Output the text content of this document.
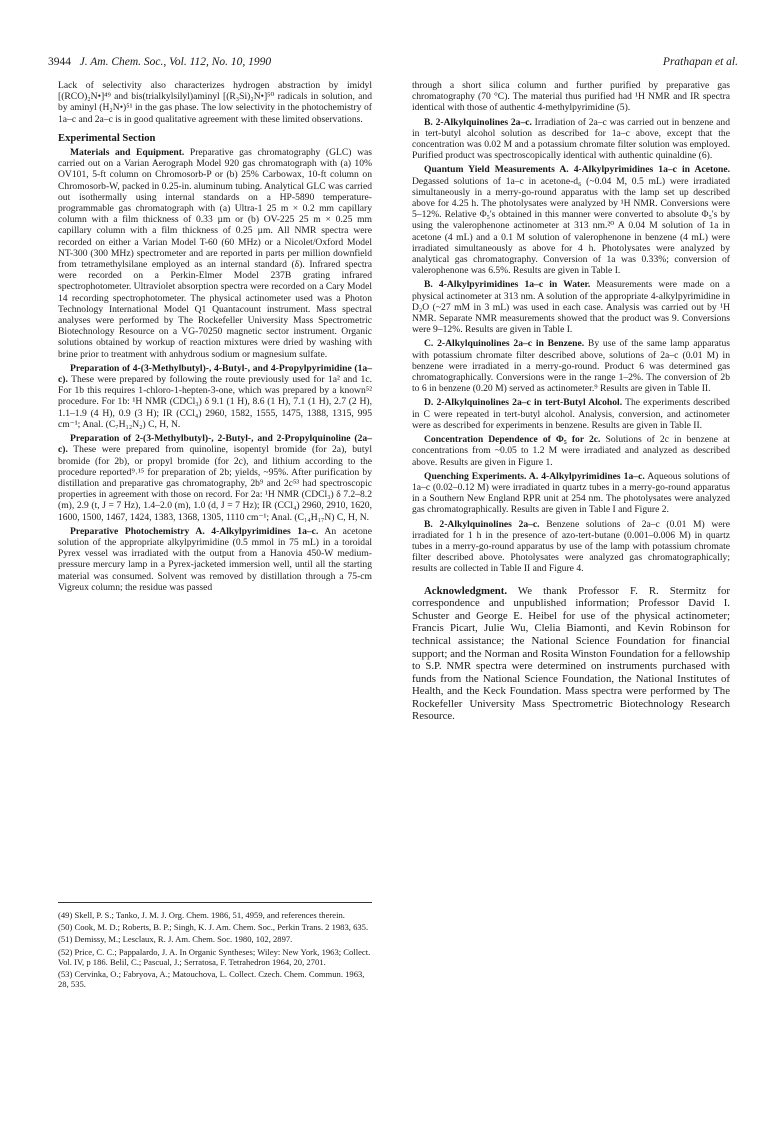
3944 J. Am. Chem. Soc., Vol. 112, No. 10, 1990	Prathapan et al.

Lack of selectivity also characterizes hydrogen abstraction by imidyl [(RCO)₂N•]⁴⁹ and bis(trialkylsilyl)aminyl [(R₃Si)₂N•]⁵⁰ radicals in solution, and by aminyl (H₂N•)⁵¹ in the gas phase. The low selectivity in the photochemistry of 1a–c and 2a–c is in good qualitative agreement with these limited observations.

Experimental Section

Materials and Equipment. Preparative gas chromatography (GLC) was carried out on a Varian Aerograph Model 920 gas chromatograph with (a) 10% OV101, 5-ft column on Chromosorb-P or (b) 25% Carbowax, 10-ft column on Chromosorb-W, packed in 0.25-in. aluminum tubing. Analytical GLC was carried out isothermally using internal standards on a HP-5890 temperature-programmable gas chromatograph with (a) Ultra-1 25 m × 0.2 mm capillary column with a film thickness of 0.33 µm or (b) OV-225 25 m × 0.25 mm capillary column with a film thickness of 0.25 µm. All NMR spectra were recorded on either a Varian Model T-60 (60 MHz) or a Nicolet/Oxford Model NT-300 (300 MHz) spectrometer and are reported in parts per million downfield from tetramethylsilane employed as an internal standard (δ). Infrared spectra were recorded on a Perkin-Elmer Model 237B grating infrared spectrophotometer. Ultraviolet absorption spectra were recorded on a Cary Model 14 recording spectrophotometer. The physical actinometer used was a Photon Technology International Model Q1 Quantacount instrument. Mass spectral analyses were performed by The Rockefeller University Mass Spectrometric Biotechnology Resource on a VG-70250 magnetic sector instrument. Organic solutions obtained by workup of reaction mixtures were dried by washing with brine prior to treatment with anhydrous sodium or magnesium sulfate.

Preparation of 4-(3-Methylbutyl)-, 4-Butyl-, and 4-Propylpyrimidine (1a–c). These were prepared by following the route previously used for 1a² and 1c. For 1b this requires 1-chloro-1-hepten-3-one, which was prepared by a known⁵² procedure. For 1b: ¹H NMR (CDCl₃) δ 9.1 (1 H), 8.6 (1 H), 7.1 (1 H), 2.7 (2 H), 1.1–1.9 (4 H), 0.9 (3 H); IR (CCl₄) 2960, 1582, 1555, 1475, 1388, 1315, 995 cm⁻¹; Anal. (C₇H₁₂N₂) C, H, N.

Preparation of 2-(3-Methylbutyl)-, 2-Butyl-, and 2-Propylquinoline (2a–c). These were prepared from quinoline, isopentyl bromide (for 2a), butyl bromide (for 2b), or propyl bromide (for 2c), and lithium according to the procedure reported⁹˒¹⁵ for preparation of 2b; yields, ~95%. After purification by distillation and preparative gas chromatography, 2b⁹ and 2c⁵³ had spectroscopic properties in agreement with those on record. For 2a: ¹H NMR (CDCl₃) δ 7.2–8.2 (m), 2.9 (t, J = 7 Hz), 1.4–2.0 (m), 1.0 (d, J = 7 Hz); IR (CCl₄) 2960, 2910, 1620, 1600, 1500, 1467, 1424, 1383, 1368, 1305, 1110 cm⁻¹; Anal. (C₁₄H₁₇N) C, H, N.

Preparative Photochemistry A. 4-Alkylpyrimidines 1a–c. An acetone solution of the appropriate alkylpyrimidine (0.5 mmol in 75 mL) in a toroidal Pyrex vessel was irradiated with the output from a Hanovia 450-W medium-pressure mercury lamp in a Pyrex-jacketed immersion well, until all the starting material was consumed. Solvent was removed by distillation through a 75-cm Vigreux column; the residue was passed

(49) Skell, P. S.; Tanko, J. M. J. Org. Chem. 1986, 51, 4959, and references therein.

(50) Cook, M. D.; Roberts, B. P.; Singh, K. J. Am. Chem. Soc., Perkin Trans. 2 1983, 635.

(51) Demissy, M.; Lesclaux, R. J. Am. Chem. Soc. 1980, 102, 2897.

(52) Price, C. C.; Pappalardo, J. A. In Organic Syntheses; Wiley: New York, 1963; Collect. Vol. IV, p 186. Belil, C.; Pascual, J.; Serratosa, F. Tetrahedron 1964, 20, 2701.

(53) Cervinka, O.; Fabryova, A.; Matouchova, L. Collect. Czech. Chem. Commun. 1963, 28, 535.

through a short silica column and further purified by preparative gas chromatography (70 °C). The material thus purified had ¹H NMR and IR spectra identical with those of authentic 4-methylpyrimidine (5).

B. 2-Alkylquinolines 2a–c. Irradiation of 2a–c was carried out in benzene and in tert-butyl alcohol solution as described for 1a–c above, except that the concentration was 0.02 M and a potassium chromate filter solution was employed. Purified product was spectroscopically identical with authentic quinaldine (6).

Quantum Yield Measurements A. 4-Alkylpyrimidines 1a–c in Acetone. Degassed solutions of 1a–c in acetone-d₆ (~0.04 M, 0.5 mL) were irradiated simultaneously in a merry-go-round apparatus with the lamp set up described above for 4.25 h. The photolysates were analyzed by ¹H NMR. Conversions were 5–12%. Relative Φ₅'s obtained in this manner were converted to absolute Φ₅'s by using the valerophenone actinometer at 313 nm.²⁰ A 0.04 M solution of 1a in acetone (4 mL) and a 0.1 M solution of valerophenone in benzene (4 mL) were irradiated simultaneously as above for 4 h. Photolysates were analyzed by analytical gas chromatography. Conversion of 1a was 0.33%; conversion of valerophenone was 6.5%. Results are given in Table I.

B. 4-Alkylpyrimidines 1a–c in Water. Measurements were made on a physical actinometer at 313 nm. A solution of the appropriate 4-alkylpyrimidine in D₂O (~27 mM in 3 mL) was used in each case. Analysis was carried out by ¹H NMR. Separate NMR measurements showed that the product was 9. Conversions were 9–12%. Results are given in Table I.

C. 2-Alkylquinolines 2a–c in Benzene. By use of the same lamp apparatus with potassium chromate filter described above, solutions of 2a–c (0.01 M) in benzene were irradiated in a merry-go-round. Product 6 was determined gas chromatographically. Conversions were in the range 1–2%. The conversion of 2b to 6 in benzene (0.20 M) served as actinometer.⁹ Results are given in Table II.

D. 2-Alkylquinolines 2a–c in tert-Butyl Alcohol. The experiments described in C were repeated in tert-butyl alcohol. Analysis, conversion, and actinometer were as described for experiments in benzene. Results are given in Table II.

Concentration Dependence of Φ₅ for 2c. Solutions of 2c in benzene at concentrations from ~0.05 to 1.2 M were irradiated and analyzed as described above. Results are given in Figure 1.

Quenching Experiments. A. 4-Alkylpyrimidines 1a–c. Aqueous solutions of 1a–c (0.02–0.12 M) were irradiated in quartz tubes in a merry-go-round apparatus in a Southern New England RPR unit at 254 nm. The photolysates were analyzed gas chromatographically. Results are given in Table I and Figure 2.

B. 2-Alkylquinolines 2a–c. Benzene solutions of 2a–c (0.01 M) were irradiated for 1 h in the presence of azo-tert-butane (0.001–0.006 M) in quartz tubes in a merry-go-round apparatus by use of the lamp with potassium chromate filter described above. Photolysates were analyzed gas chromatographically; results are collected in Table II and Figure 4.

Acknowledgment. We thank Professor F. R. Stermitz for correspondence and unpublished information; Professor David I. Schuster and George E. Heibel for use of the physical actinometer; Francis Picart, Julie Wu, Clelia Biamonti, and Kevin Robinson for technical assistance; the National Science Foundation for financial support; and the Norman and Rosita Winston Foundation for a fellowship to S.P. NMR spectra were determined on instruments purchased with funds from the National Science Foundation, the National Institutes of Health, and the Keck Foundation. Mass spectra were performed by The Rockefeller University Mass Spectrometric Biotechnology Research Resource.
